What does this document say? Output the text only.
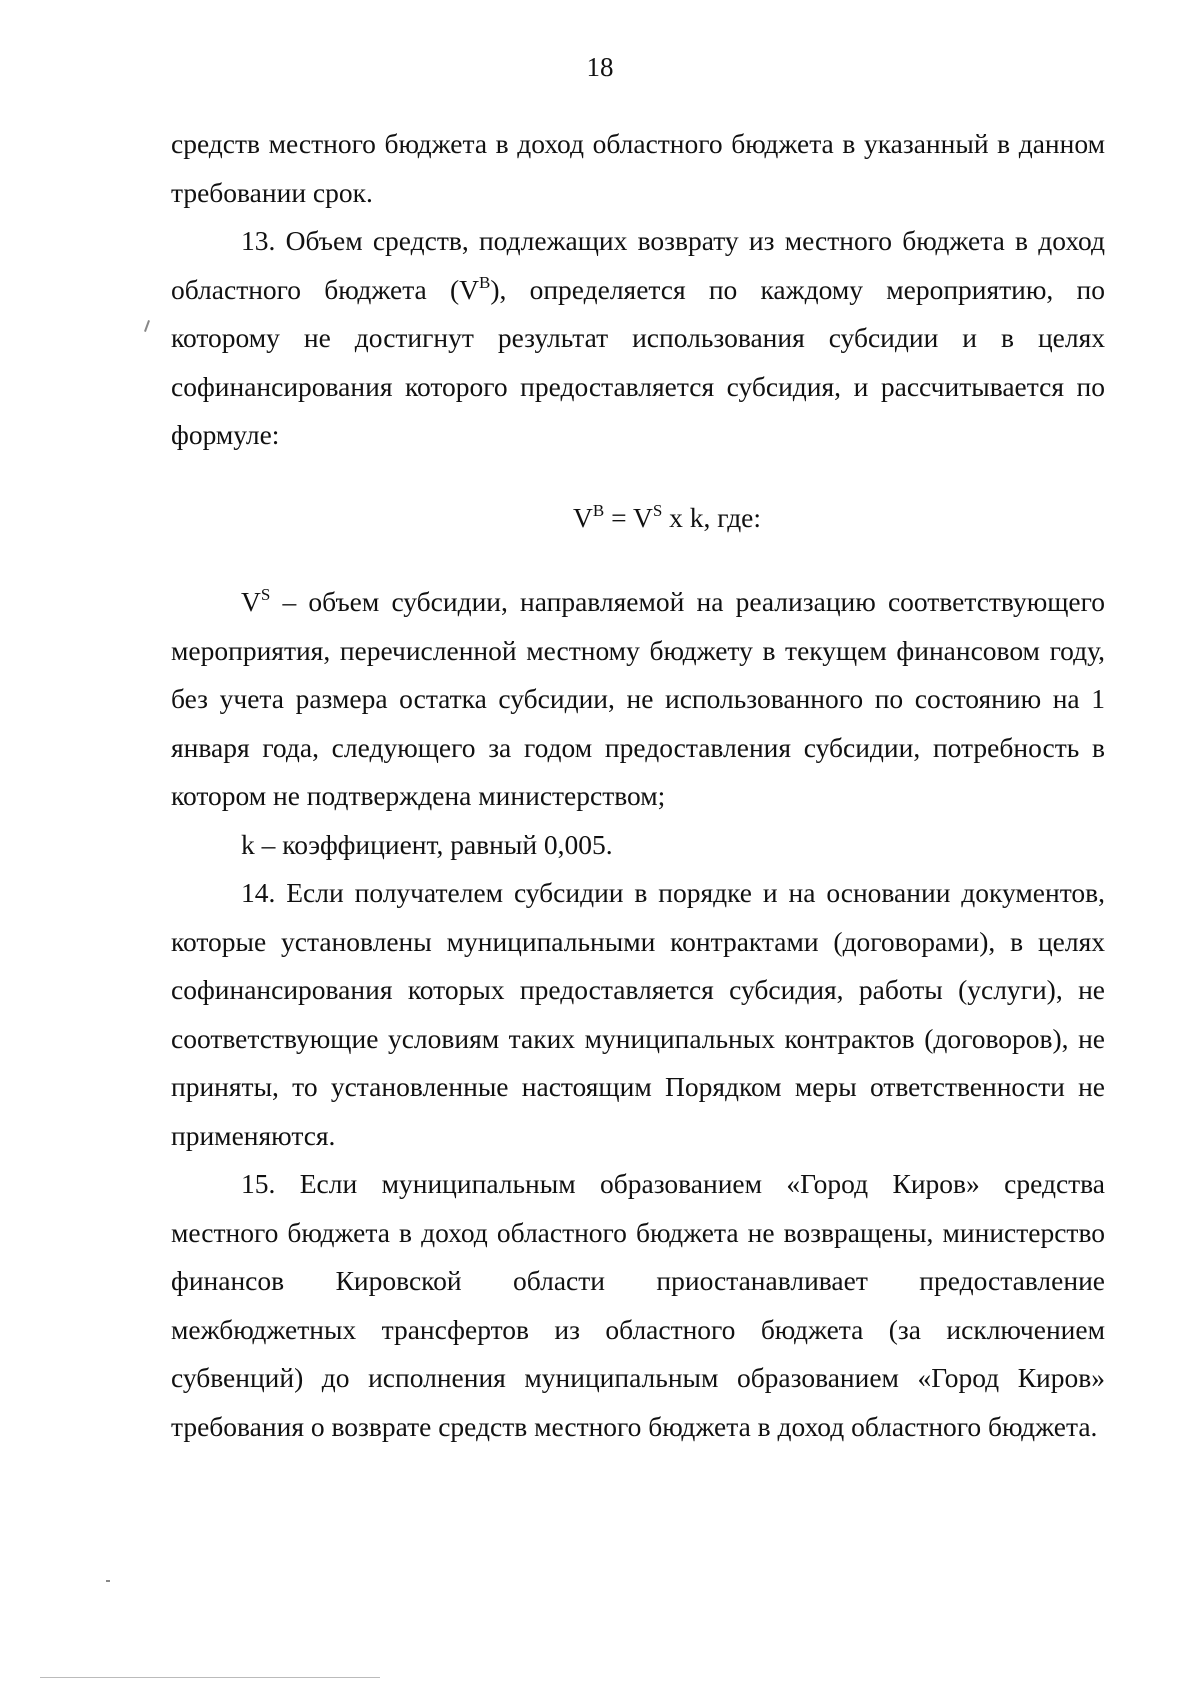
18

средств местного бюджета в доход областного бюджета в указанный в данном требовании срок.

13. Объем средств, подлежащих возврату из местного бюджета в доход областного бюджета $(V^B)$, определяется по каждому мероприятию, по которому не достигнут результат использования субсидии и в целях софинансирования которого предоставляется субсидия, и рассчитывается по формуле:

$V^B = V^S$ x k, где:

$V^S$ – объем субсидии, направляемой на реализацию соответствующего мероприятия, перечисленной местному бюджету в текущем финансовом году, без учета размера остатка субсидии, не использованного по состоянию на 1 января года, следующего за годом предоставления субсидии, потребность в котором не подтверждена министерством;

k – коэффициент, равный 0,005.

14. Если получателем субсидии в порядке и на основании документов, которые установлены муниципальными контрактами (договорами), в целях софинансирования которых предоставляется субсидия, работы (услуги), не соответствующие условиям таких муниципальных контрактов (договоров), не приняты, то установленные настоящим Порядком меры ответственности не применяются.

15. Если муниципальным образованием «Город Киров» средства местного бюджета в доход областного бюджета не возвращены, министерство финансов Кировской области приостанавливает предоставление межбюджетных трансфертов из областного бюджета (за исключением субвенций) до исполнения муниципальным образованием «Город Киров» требования о возврате средств местного бюджета в доход областного бюджета.
